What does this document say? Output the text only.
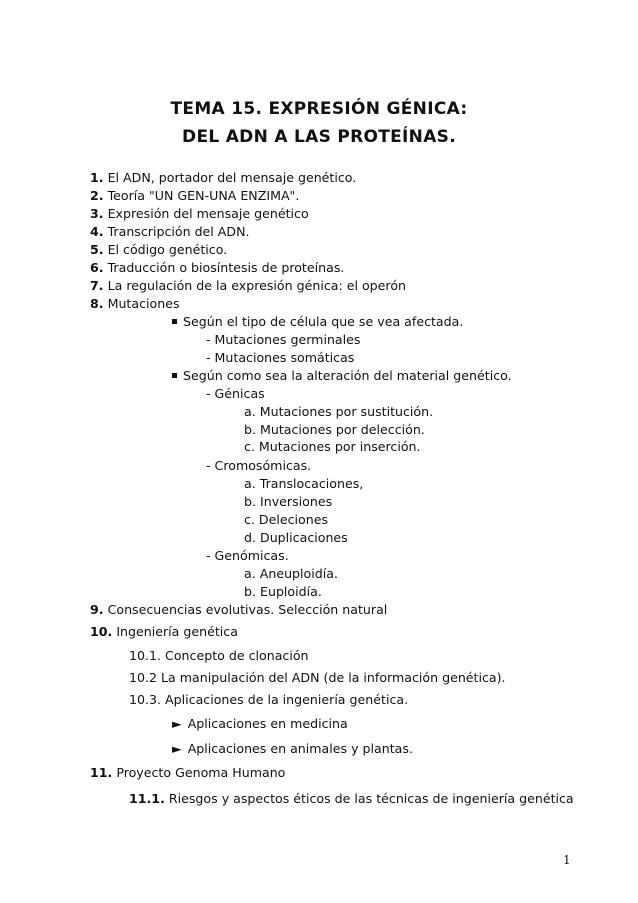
TEMA 15. EXPRESIÓN GÉNICA:
DEL ADN A LAS PROTEÍNAS.
1. El ADN, portador del mensaje genético.
2. Teoría "UN GEN-UNA ENZIMA".
3. Expresión del mensaje genético
4. Transcripción del ADN.
5. El código genético.
6. Traducción o biosíntesis de proteínas.
7. La regulación de la expresión génica: el operón
8. Mutaciones
Según el tipo de célula que se vea afectada.
- Mutaciones germinales
- Mutaciones somáticas
Según como sea la alteración del material genético.
- Génicas
a. Mutaciones por sustitución.
b. Mutaciones por delección.
c. Mutaciones por inserción.
- Cromosómicas.
a. Translocaciones,
b. Inversiones
c. Deleciones
d. Duplicaciones
- Genómicas.
a. Aneuploidía.
b. Euploidía.
9. Consecuencias evolutivas. Selección natural
10. Ingeniería genética
10.1. Concepto de clonación
10.2 La manipulación del ADN (de la información genética).
10.3. Aplicaciones de la ingeniería genética.
► Aplicaciones en medicina
► Aplicaciones en animales y plantas.
11. Proyecto Genoma Humano
11.1. Riesgos y aspectos éticos de las técnicas de ingeniería genética
1
